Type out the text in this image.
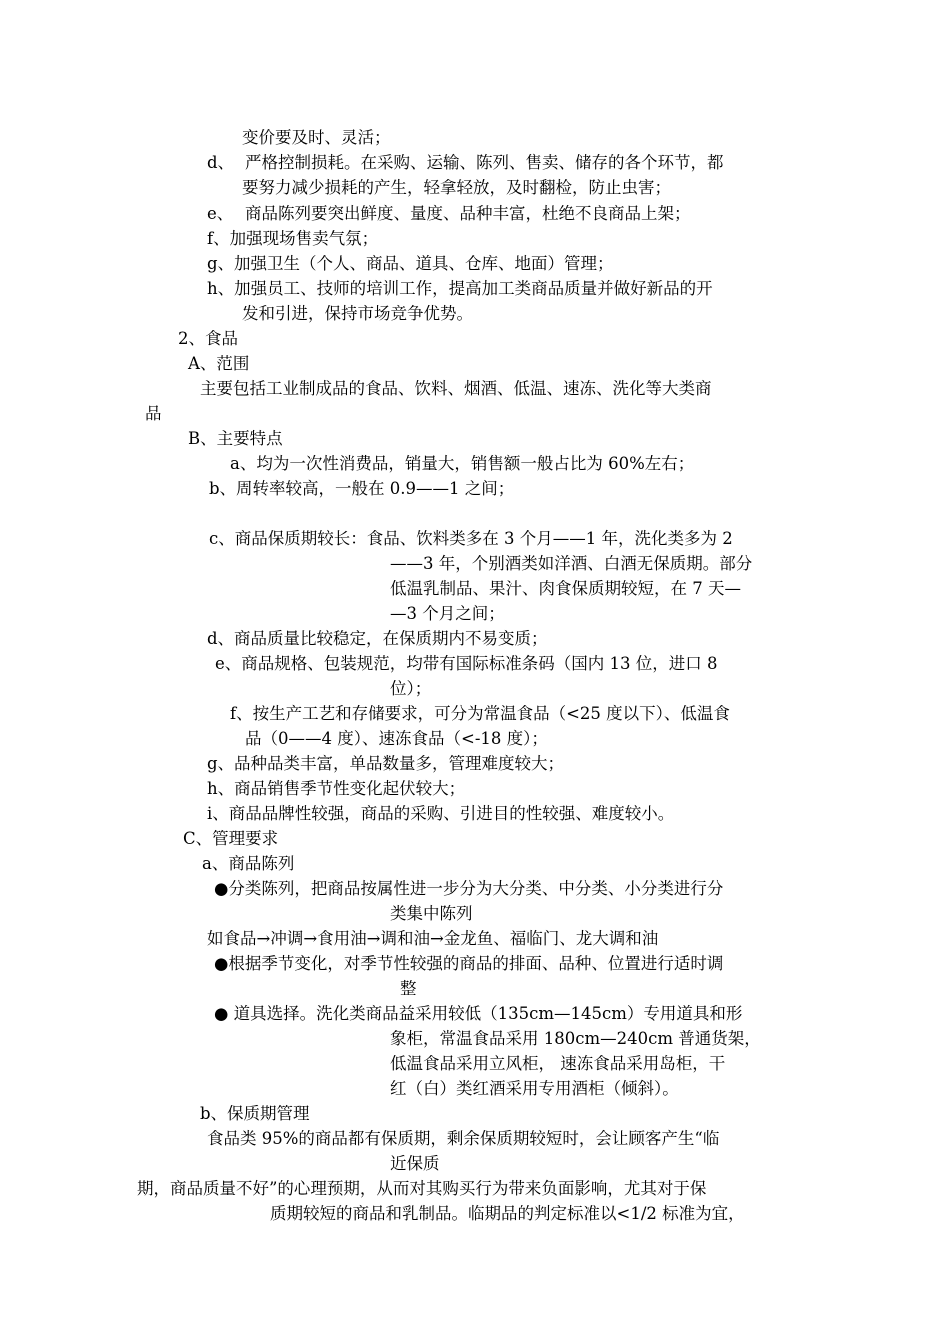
变价要及时、灵活；
d、 严格控制损耗。在采购、运输、陈列、售卖、储存的各个环节，都
要努力减少损耗的产生，轻拿轻放，及时翻检，防止虫害；
e、 商品陈列要突出鲜度、量度、品种丰富，杜绝不良商品上架；
f、加强现场售卖气氛；
g、加强卫生（个人、商品、道具、仓库、地面）管理；
h、加强员工、技师的培训工作，提高加工类商品质量并做好新品的开
发和引进，保持市场竞争优势。
2、食品
A、范围
主要包括工业制成品的食品、饮料、烟酒、低温、速冻、洗化等大类商
品
B、主要特点
a、均为一次性消费品，销量大，销售额一般占比为 60%左右；
b、周转率较高，一般在 0.9——1 之间；
c、商品保质期较长：食品、饮料类多在 3 个月——1 年，洗化类多为 2
——3 年，个别酒类如洋酒、白酒无保质期。部分
低温乳制品、果汁、肉食保质期较短，在 7 天—
—3 个月之间；
d、商品质量比较稳定，在保质期内不易变质；
e、商品规格、包装规范，均带有国际标准条码（国内 13 位，进口 8
位）；
f、按生产工艺和存储要求，可分为常温食品（<25 度以下）、低温食
品（0——4 度）、速冻食品（<-18 度）；
g、品种品类丰富，单品数量多，管理难度较大；
h、商品销售季节性变化起伏较大；
i、商品品牌性较强，商品的采购、引进目的性较强、难度较小。
C、管理要求
a、商品陈列
●分类陈列，把商品按属性进一步分为大分类、中分类、小分类进行分
类集中陈列
如食品→冲调→食用油→调和油→金龙鱼、福临门、龙大调和油
●根据季节变化，对季节性较强的商品的排面、品种、位置进行适时调
整
● 道具选择。洗化类商品益采用较低（135cm—145cm）专用道具和形
象柜，常温食品采用 180cm—240cm 普通货架，
低温食品采用立风柜， 速冻食品采用岛柜，干
红（白）类红酒采用专用酒柜（倾斜）。
b、保质期管理
食品类 95%的商品都有保质期，剩余保质期较短时，会让顾客产生“临
近保质
期，商品质量不好”的心理预期，从而对其购买行为带来负面影响，尤其对于保
质期较短的商品和乳制品。临期品的判定标准以<1/2 标准为宜，
